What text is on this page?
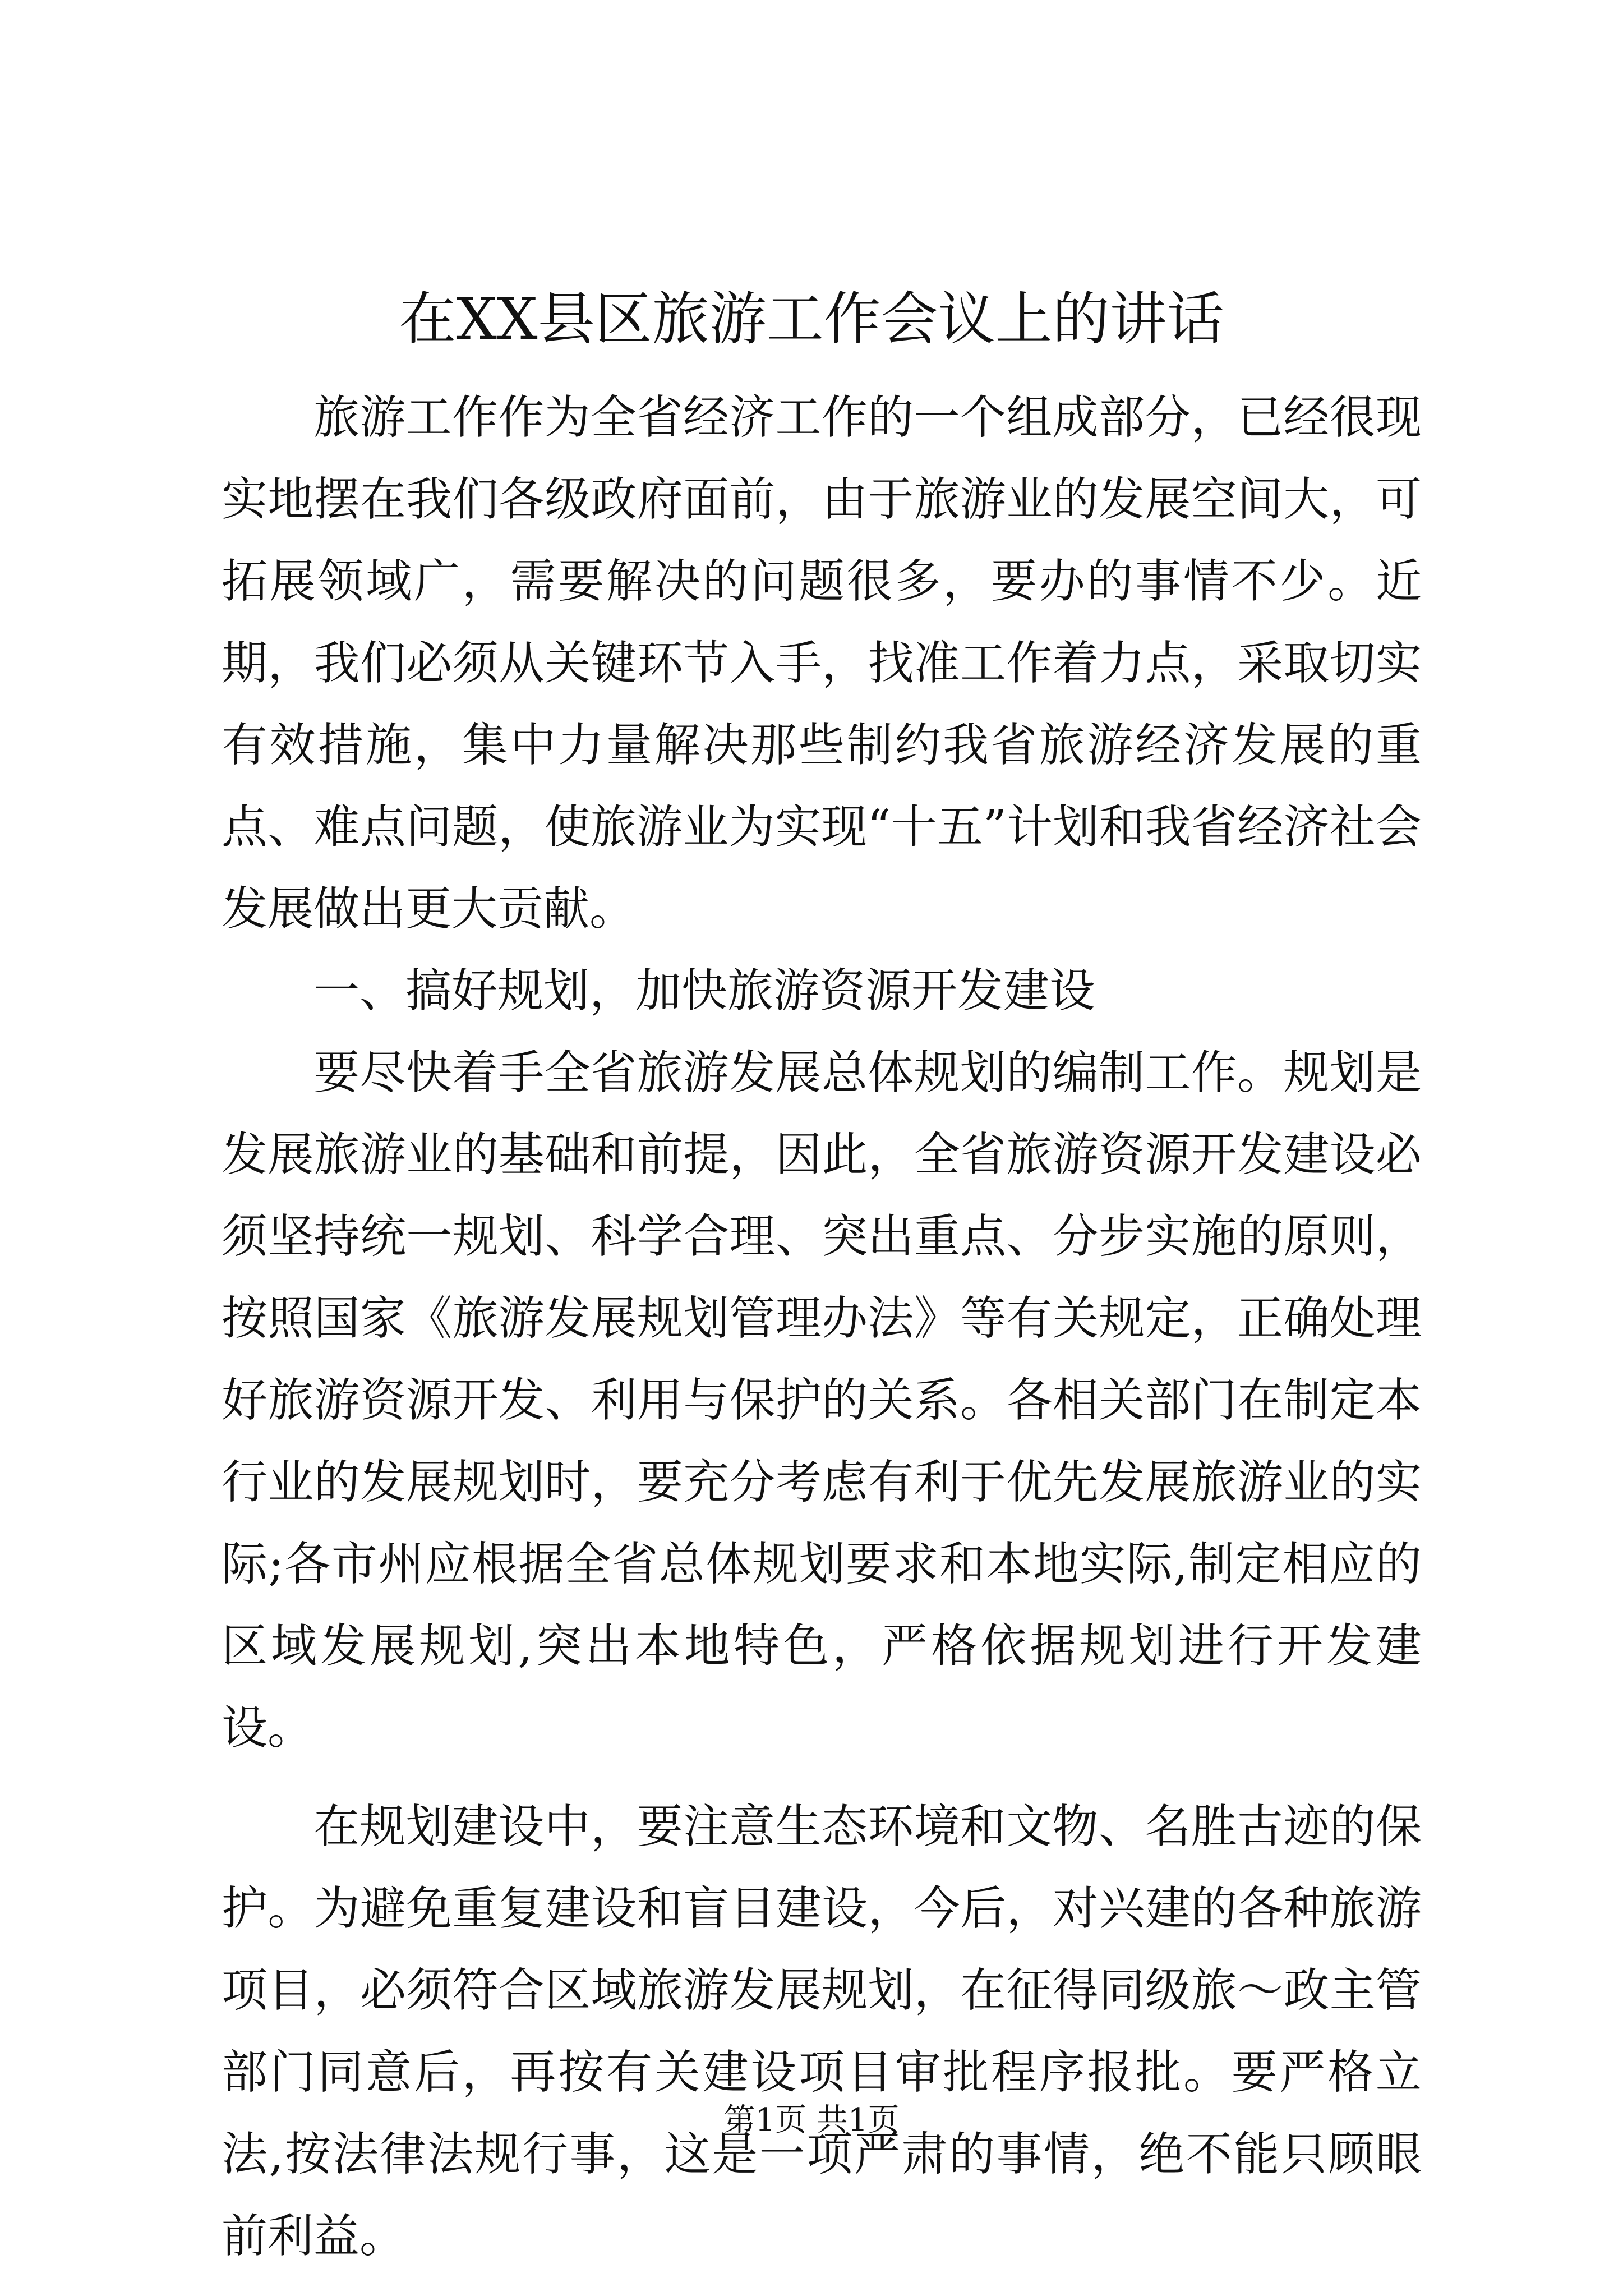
在XX县区旅游工作会议上的讲话

旅游工作作为全省经济工作的一个组成部分，已经很现实地摆在我们各级政府面前，由于旅游业的发展空间大，可拓展领域广，需要解决的问题很多，要办的事情不少。近期，我们必须从关键环节入手，找准工作着力点，采取切实有效措施，集中力量解决那些制约我省旅游经济发展的重点、难点问题，使旅游业为实现“十五”计划和我省经济社会发展做出更大贡献。

一、搞好规划，加快旅游资源开发建设

要尽快着手全省旅游发展总体规划的编制工作。规划是发展旅游业的基础和前提，因此，全省旅游资源开发建设必须坚持统一规划、科学合理、突出重点、分步实施的原则，按照国家《旅游发展规划管理办法》等有关规定，正确处理好旅游资源开发、利用与保护的关系。各相关部门在制定本行业的发展规划时，要充分考虑有利于优先发展旅游业的实际;各市州应根据全省总体规划要求和本地实际,制定相应的区域发展规划,突出本地特色，严格依据规划进行开发建设。

在规划建设中，要注意生态环境和文物、名胜古迹的保护。为避免重复建设和盲目建设，今后，对兴建的各种旅游项目，必须符合区域旅游发展规划，在征得同级旅～政主管部门同意后，再按有关建设项目审批程序报批。要严格立法,按法律法规行事，这是一项严肃的事情，绝不能只顾眼前利益。

第1页 共1页
